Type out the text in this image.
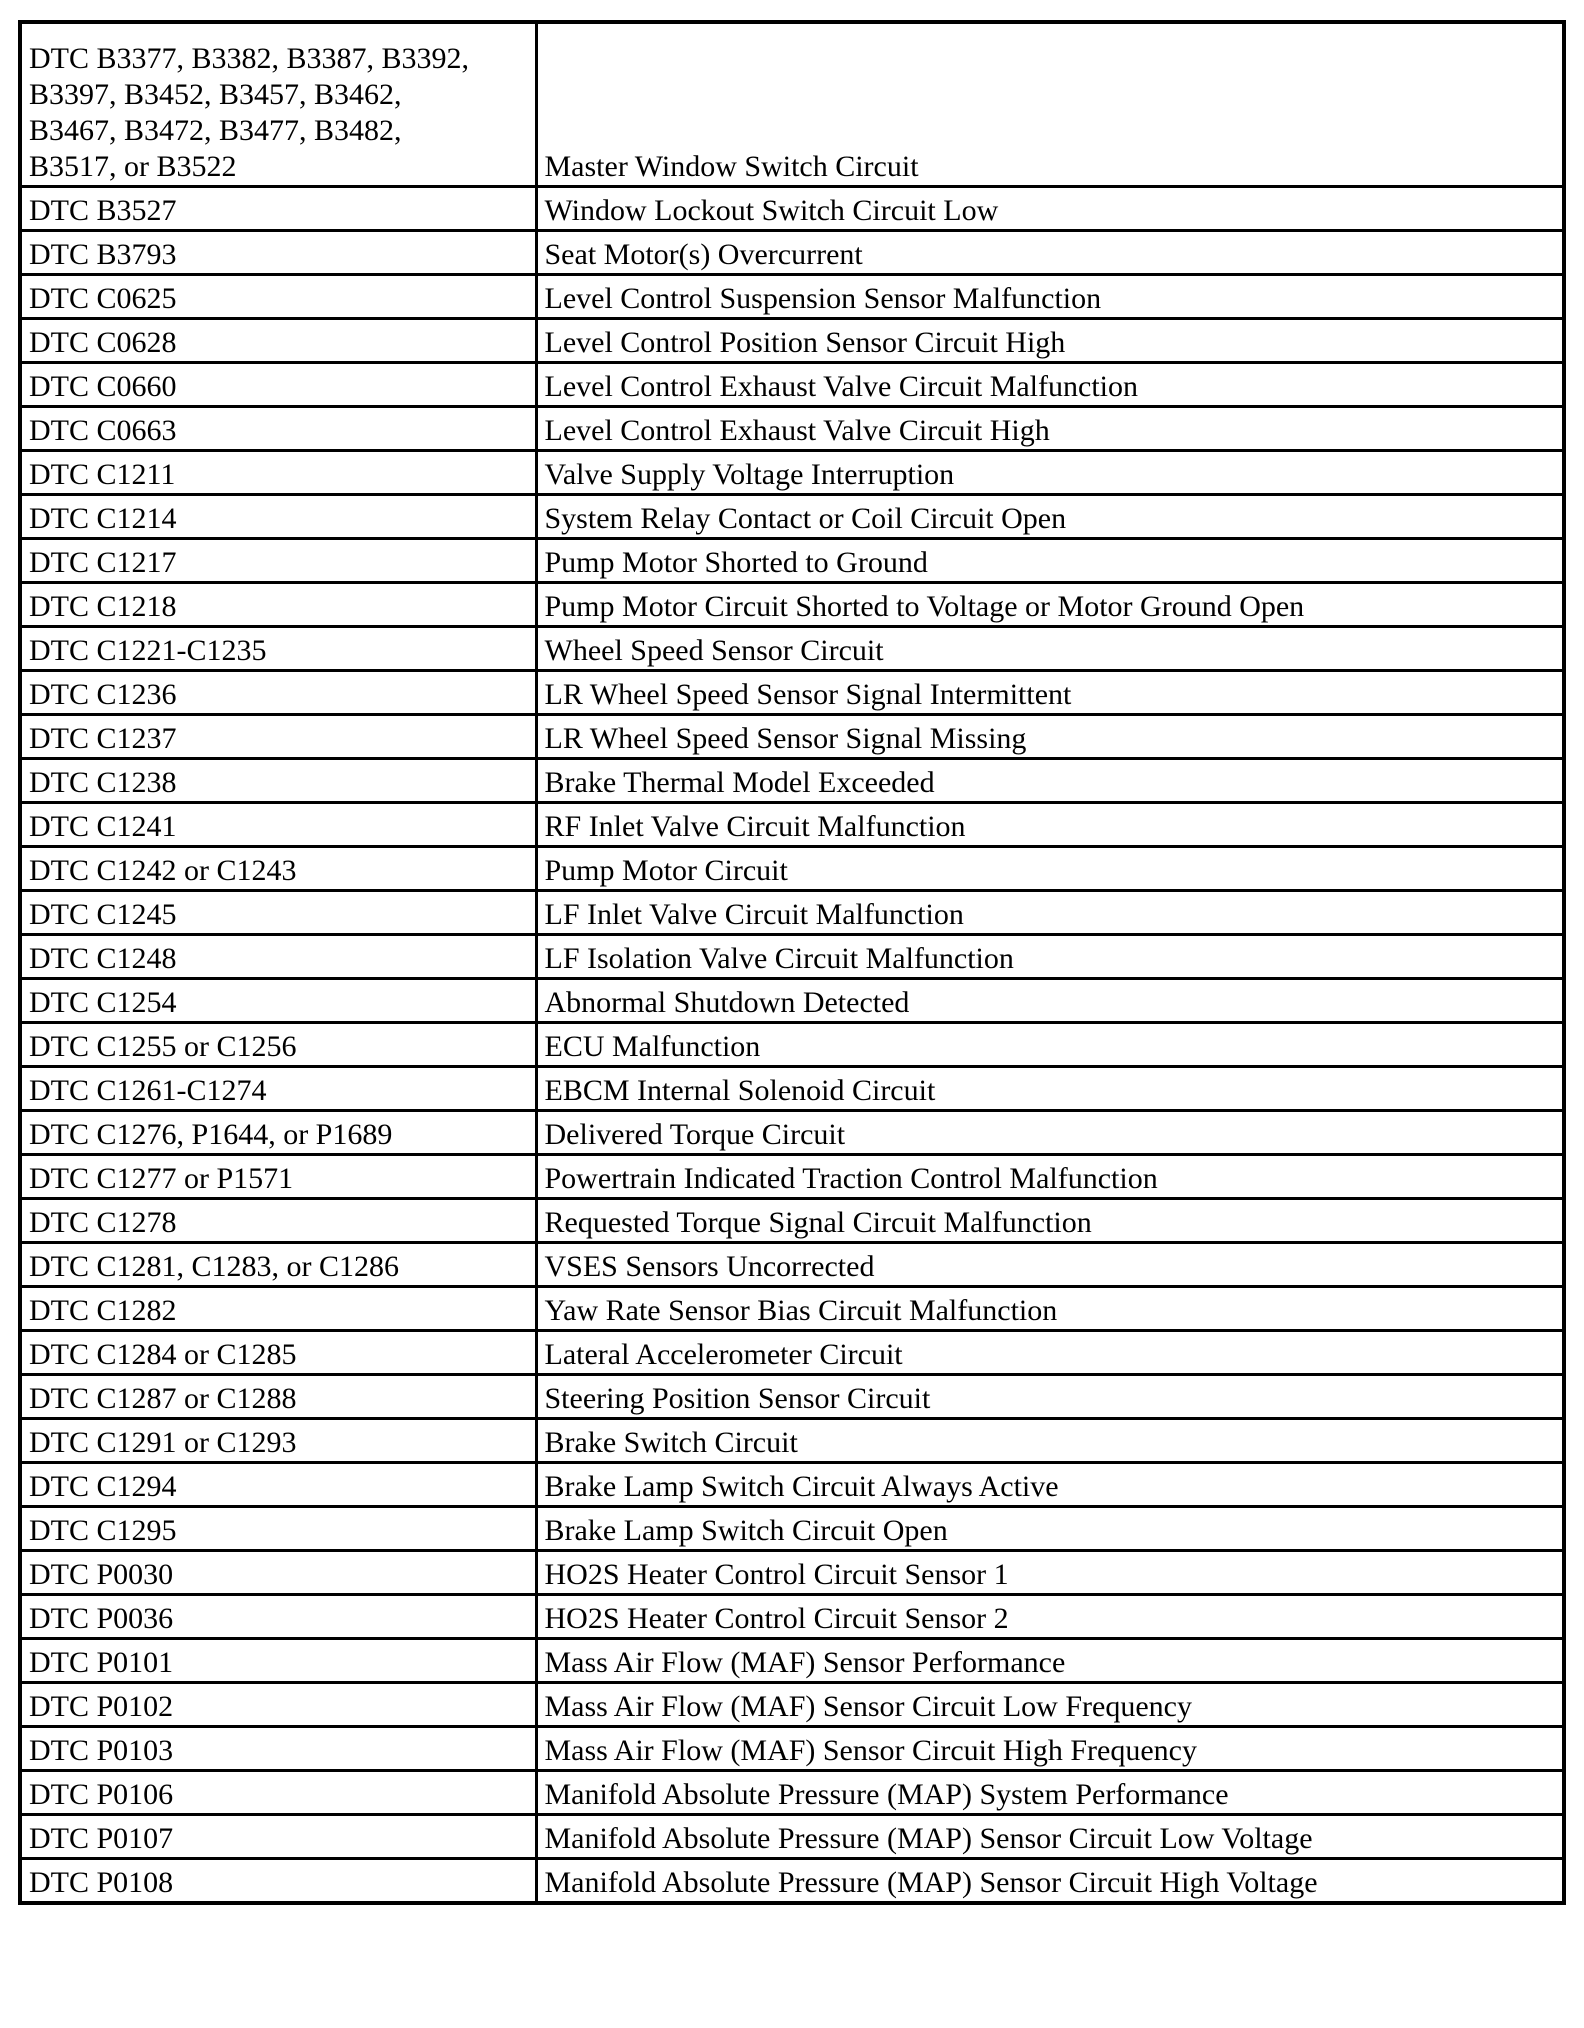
DTC B3377, B3382, B3387, B3392,
B3397, B3452, B3457, B3462,
B3467, B3472, B3477, B3482,
B3517, or B3522	Master Window Switch Circuit
DTC B3527	Window Lockout Switch Circuit Low
DTC B3793	Seat Motor(s) Overcurrent
DTC C0625	Level Control Suspension Sensor Malfunction
DTC C0628	Level Control Position Sensor Circuit High
DTC C0660	Level Control Exhaust Valve Circuit Malfunction
DTC C0663	Level Control Exhaust Valve Circuit High
DTC C1211	Valve Supply Voltage Interruption
DTC C1214	System Relay Contact or Coil Circuit Open
DTC C1217	Pump Motor Shorted to Ground
DTC C1218	Pump Motor Circuit Shorted to Voltage or Motor Ground Open
DTC C1221-C1235	Wheel Speed Sensor Circuit
DTC C1236	LR Wheel Speed Sensor Signal Intermittent
DTC C1237	LR Wheel Speed Sensor Signal Missing
DTC C1238	Brake Thermal Model Exceeded
DTC C1241	RF Inlet Valve Circuit Malfunction
DTC C1242 or C1243	Pump Motor Circuit
DTC C1245	LF Inlet Valve Circuit Malfunction
DTC C1248	LF Isolation Valve Circuit Malfunction
DTC C1254	Abnormal Shutdown Detected
DTC C1255 or C1256	ECU Malfunction
DTC C1261-C1274	EBCM Internal Solenoid Circuit
DTC C1276, P1644, or P1689	Delivered Torque Circuit
DTC C1277 or P1571	Powertrain Indicated Traction Control Malfunction
DTC C1278	Requested Torque Signal Circuit Malfunction
DTC C1281, C1283, or C1286	VSES Sensors Uncorrected
DTC C1282	Yaw Rate Sensor Bias Circuit Malfunction
DTC C1284 or C1285	Lateral Accelerometer Circuit
DTC C1287 or C1288	Steering Position Sensor Circuit
DTC C1291 or C1293	Brake Switch Circuit
DTC C1294	Brake Lamp Switch Circuit Always Active
DTC C1295	Brake Lamp Switch Circuit Open
DTC P0030	HO2S Heater Control Circuit Sensor 1
DTC P0036	HO2S Heater Control Circuit Sensor 2
DTC P0101	Mass Air Flow (MAF) Sensor Performance
DTC P0102	Mass Air Flow (MAF) Sensor Circuit Low Frequency
DTC P0103	Mass Air Flow (MAF) Sensor Circuit High Frequency
DTC P0106	Manifold Absolute Pressure (MAP) System Performance
DTC P0107	Manifold Absolute Pressure (MAP) Sensor Circuit Low Voltage
DTC P0108	Manifold Absolute Pressure (MAP) Sensor Circuit High Voltage
